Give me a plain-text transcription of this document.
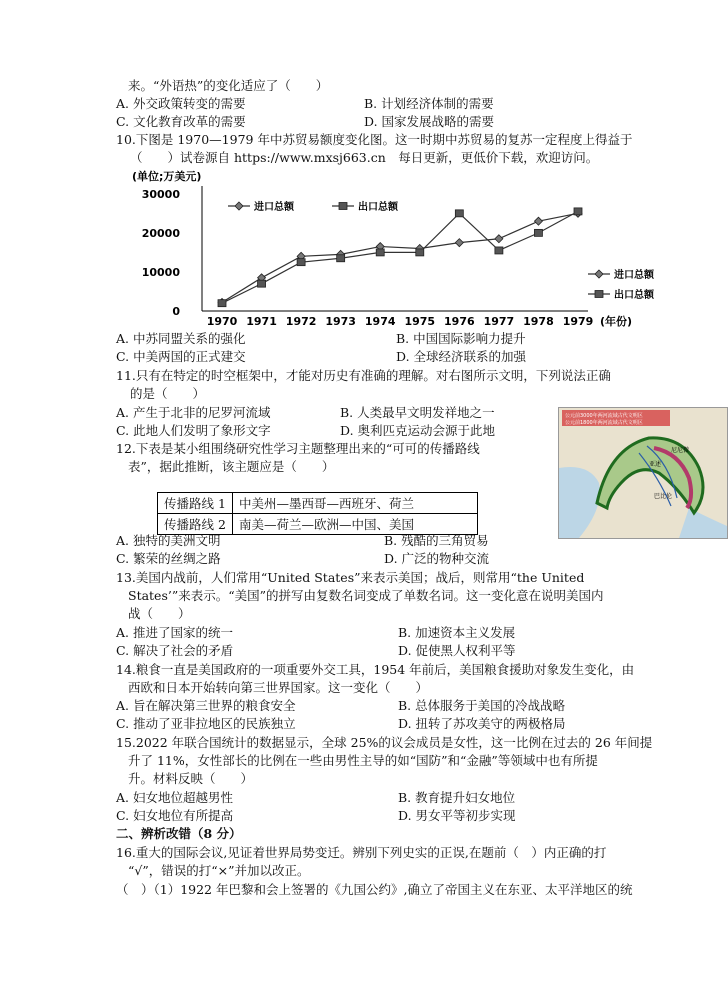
来。“外语热”的变化适应了（　　）
A. 外交政策转变的需要	B. 计划经济体制的需要
C. 文化教育改革的需要	D. 国家发展战略的需要
10.下图是 1970—1979 年中苏贸易额度变化图。这一时期中苏贸易的复苏一定程度上得益于
（　　）试卷源自 https://www.mxsj663.cn　每日更新，更低价下载，欢迎访问。
(单位;万美元)
30000
20000
10000
0
1970 1971 1972 1973 1974 1975 1976 1977 1978 1979 (年份)
进口总额	出口总额
进口总额
出口总额
A. 中苏同盟关系的强化	B. 中国国际影响力提升
C. 中美两国的正式建交	D. 全球经济联系的加强
11.只有在特定的时空框架中，才能对历史有准确的理解。对右图所示文明，下列说法正确
的是（　　）
A. 产生于北非的尼罗河流域	B. 人类最早文明发祥地之一
C. 此地人们发明了象形文字	D. 奥利匹克运动会源于此地
公元前3000年两河流域古代文明区
公元前1800年两河流域古代文明区
亚述
巴比伦
尼尼微
12.下表是某小组围绕研究性学习主题整理出来的“可可的传播路线
表”，据此推断，该主题应是（　　）
传播路线 1	中美州—墨西哥—西班牙、荷兰
传播路线 2	南美—荷兰—欧洲—中国、美国
A. 独特的美洲文明	B. 残酷的三角贸易
C. 繁荣的丝绸之路	D. 广泛的物种交流
13.美国内战前，人们常用“United States”来表示美国；战后，则常用“the United
States’”来表示。“美国”的拼写由复数名词变成了单数名词。这一变化意在说明美国内
战（　　）
A. 推进了国家的统一	B. 加速资本主义发展
C. 解决了社会的矛盾	D. 促使黑人权利平等
14.粮食一直是美国政府的一项重要外交工具，1954 年前后，美国粮食援助对象发生变化，由
西欧和日本开始转向第三世界国家。这一变化（　　）
A. 旨在解决第三世界的粮食安全	B. 总体服务于美国的冷战战略
C. 推动了亚非拉地区的民族独立	D. 扭转了苏攻美守的两极格局
15.2022 年联合国统计的数据显示，全球 25%的议会成员是女性，这一比例在过去的 26 年间提
升了 11%，女性部长的比例在一些由男性主导的如“国防”和“金融”等领域中也有所提
升。材料反映（　　）
A. 妇女地位超越男性	B. 教育提升妇女地位
C. 妇女地位有所提高	D. 男女平等初步实现
二、辨析改错（8 分）
16.重大的国际会议,见证着世界局势变迁。辨别下列史实的正误,在题前（　）内正确的打
“√”，错误的打“×”并加以改正。
（　）（1）1922 年巴黎和会上签署的《九国公约》,确立了帝国主义在东亚、太平洋地区的统
